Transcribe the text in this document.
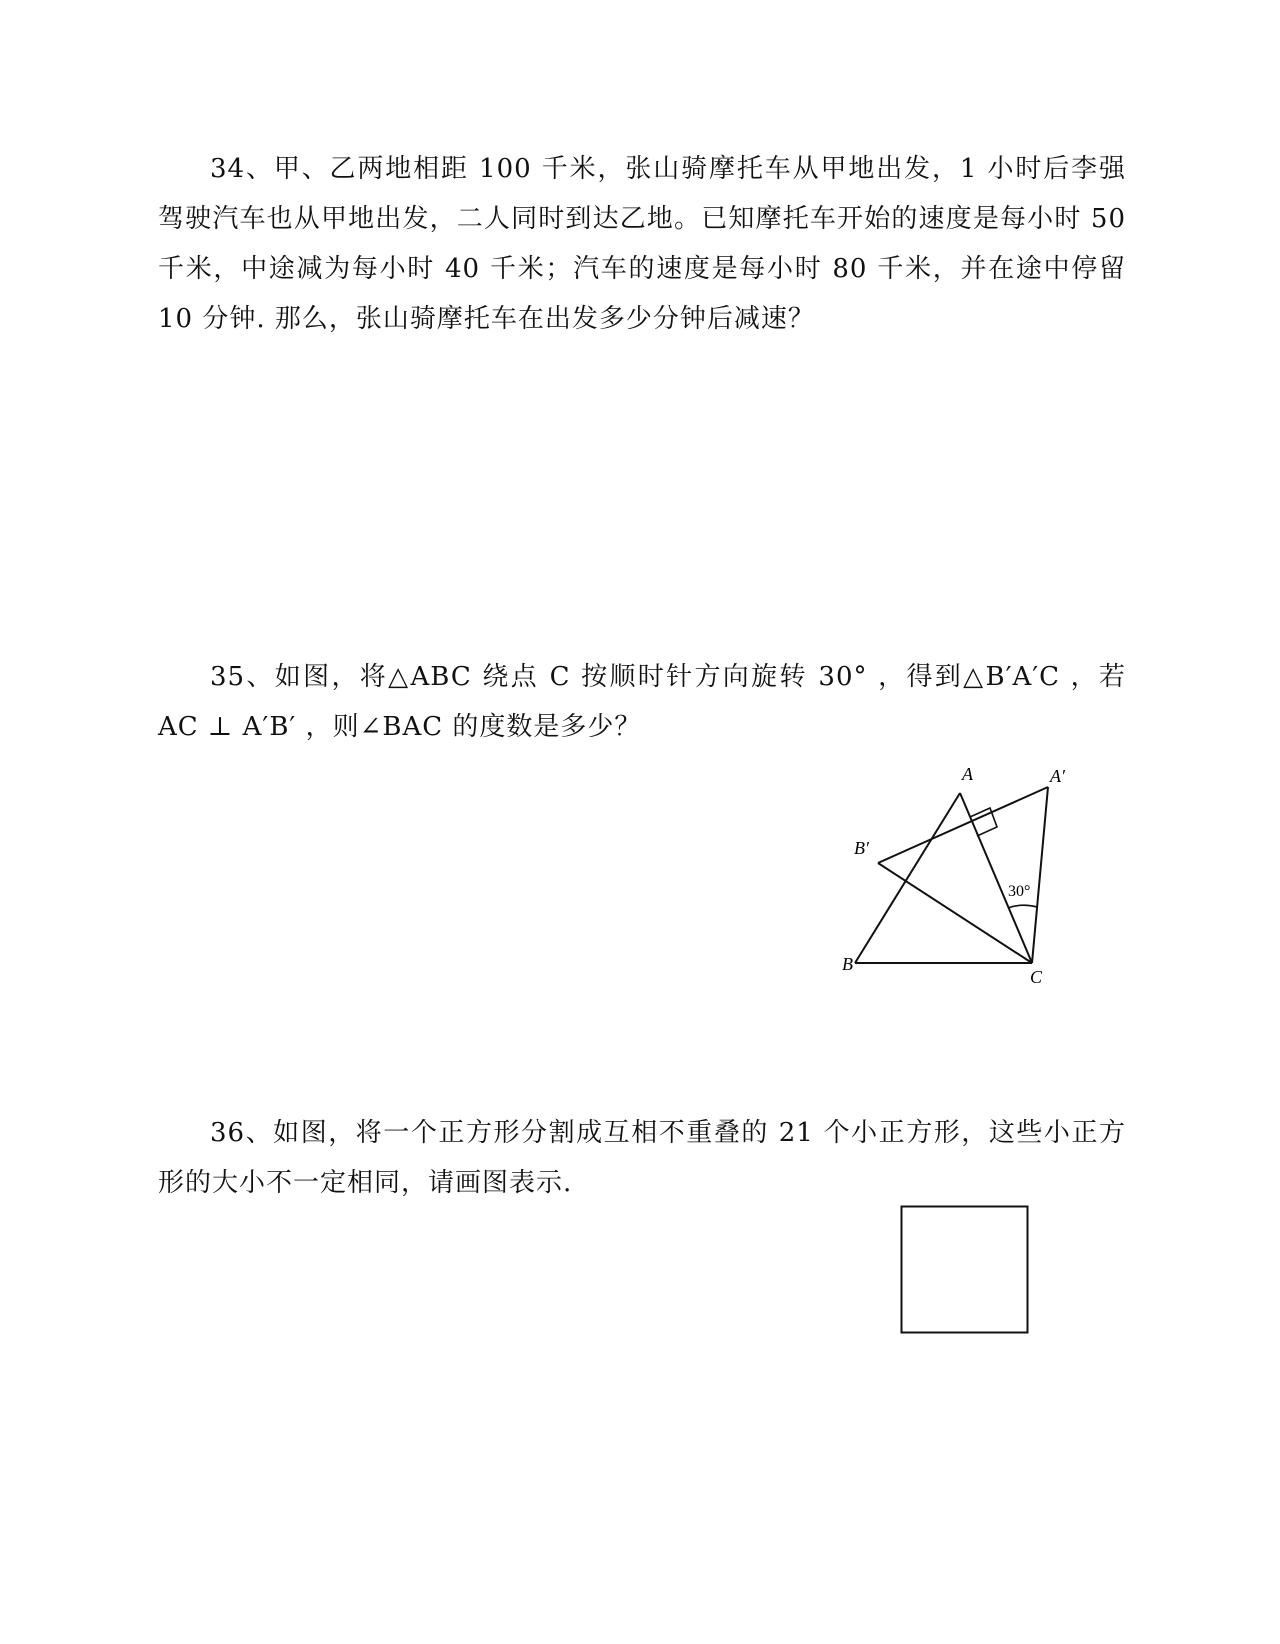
34、甲、乙两地相距 100 千米，张山骑摩托车从甲地出发，1 小时后李强驾驶汽车也从甲地出发，二人同时到达乙地。已知摩托车开始的速度是每小时 50 千米，中途减为每小时 40 千米；汽车的速度是每小时 80 千米，并在途中停留 10 分钟. 那么，张山骑摩托车在出发多少分钟后减速？

35、如图，将△ABC 绕点 C 按顺时针方向旋转 30° ，得到△B′A′C ，若 AC ⊥ A′B′ ，则∠BAC 的度数是多少？

A	A′
B′
B
C
30°

36、如图，将一个正方形分割成互相不重叠的 21 个小正方形，这些小正方形的大小不一定相同，请画图表示.
